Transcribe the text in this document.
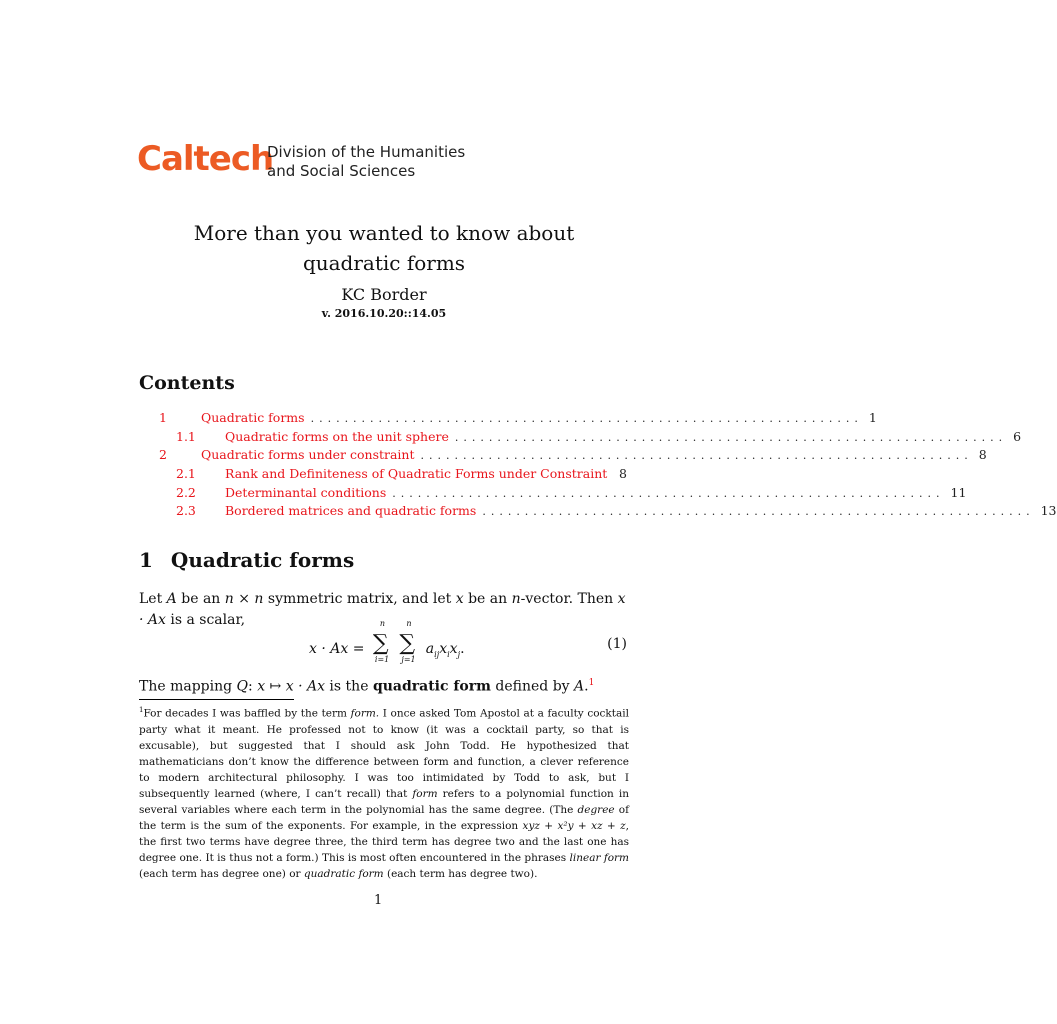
Caltech
Division of the Humanities
and Social Sciences
More than you wanted to know about
quadratic forms
KC Border
v. 2016.10.20::14.05
Contents
1	Quadratic forms ................................................................. 1
1.1	Quadratic forms on the unit sphere ................................................................. 6
2	Quadratic forms under constraint ................................................................. 8
2.1	Rank and Definiteness of Quadratic Forms under Constraint 8
2.2	Determinantal conditions ................................................................. 11
2.3	Bordered matrices and quadratic forms ................................................................. 13
1 Quadratic forms
Let A be an n × n symmetric matrix, and let x be an n-vector. Then x · Ax is a scalar,
x · Ax = ∑
n
i=1

∑
n
j=1
$a_{ij}x_ix_j$.	(1)
The mapping Q: x ↦ x · Ax is the quadratic form defined by A.$^1$
$^1$For decades I was baffled by the term form. I once asked Tom Apostol at a faculty cocktail party what it meant. He professed not to know (it was a cocktail party, so that is excusable), but suggested that I should ask John Todd. He hypothesized that mathematicians don’t know the difference between form and function, a clever reference to modern architectural philosophy. I was too intimidated by Todd to ask, but I subsequently learned (where, I can’t recall) that form refers to a polynomial function in several variables where each term in the polynomial has the same degree. (The degree of the term is the sum of the exponents. For example, in the expression xyz + x²y + xz + z, the first two terms have degree three, the third term has degree two and the last one has degree one. It is thus not a form.) This is most often encountered in the phrases linear form (each term has degree one) or quadratic form (each term has degree two).
1
